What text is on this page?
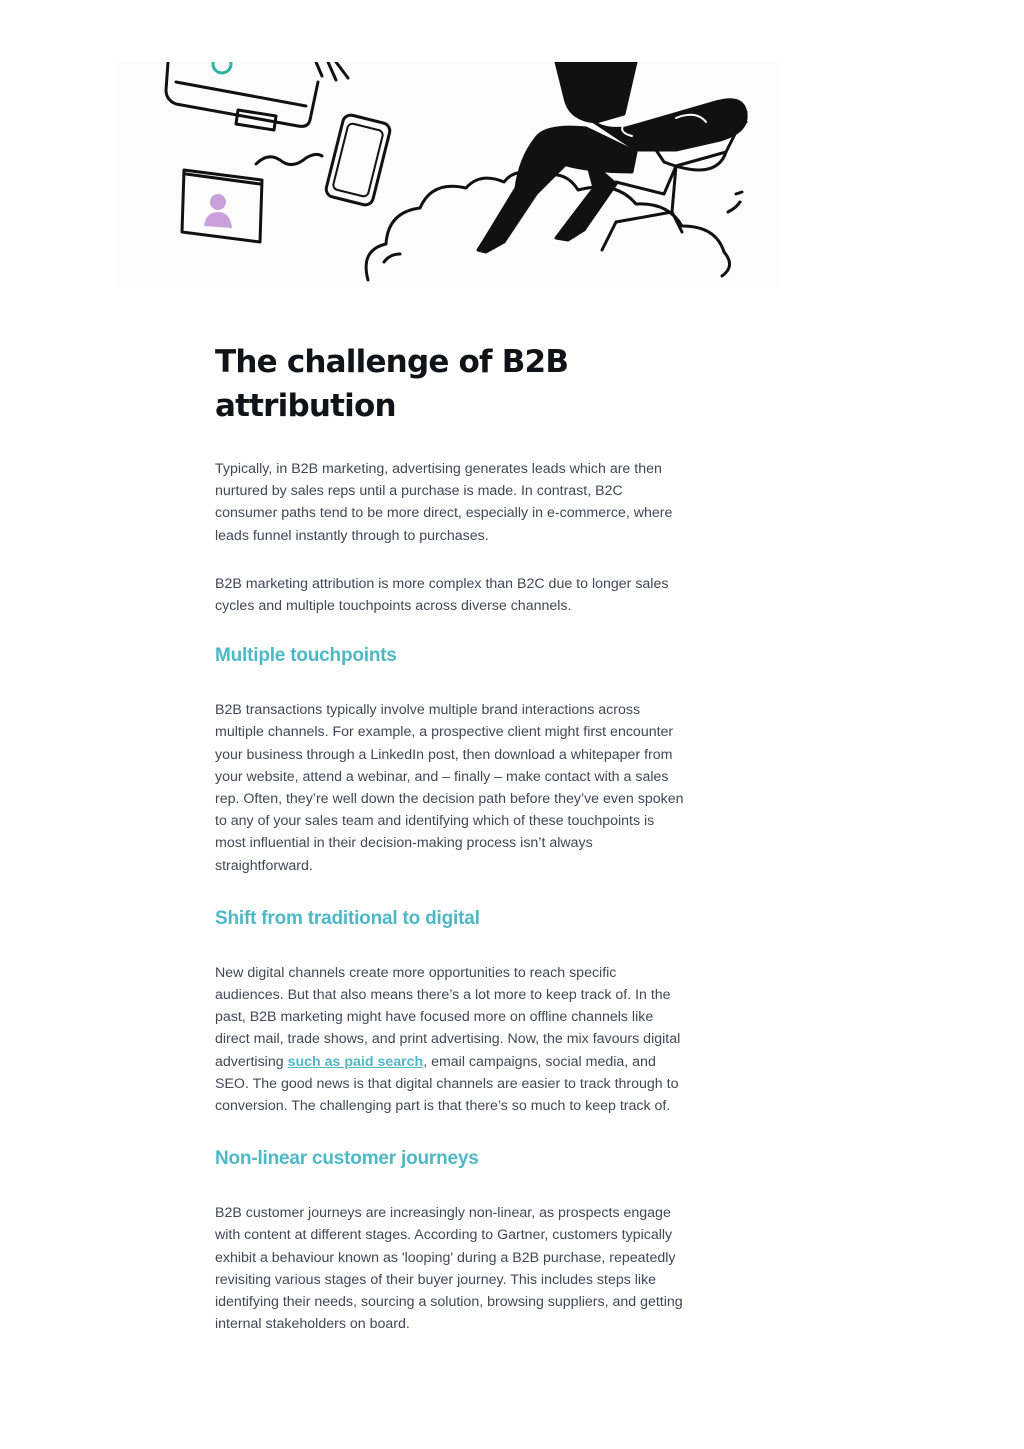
The challenge of B2B attribution

Typically, in B2B marketing, advertising generates leads which are then nurtured by sales reps until a purchase is made. In contrast, B2C consumer paths tend to be more direct, especially in e-commerce, where leads funnel instantly through to purchases.

B2B marketing attribution is more complex than B2C due to longer sales cycles and multiple touchpoints across diverse channels.

Multiple touchpoints

B2B transactions typically involve multiple brand interactions across multiple channels. For example, a prospective client might first encounter your business through a LinkedIn post, then download a whitepaper from your website, attend a webinar, and – finally – make contact with a sales rep. Often, they’re well down the decision path before they’ve even spoken to any of your sales team and identifying which of these touchpoints is most influential in their decision-making process isn’t always straightforward.

Shift from traditional to digital

New digital channels create more opportunities to reach specific audiences. But that also means there’s a lot more to keep track of. In the past, B2B marketing might have focused more on offline channels like direct mail, trade shows, and print advertising. Now, the mix favours digital advertising such as paid search, email campaigns, social media, and SEO. The good news is that digital channels are easier to track through to conversion. The challenging part is that there’s so much to keep track of.

Non-linear customer journeys

B2B customer journeys are increasingly non-linear, as prospects engage with content at different stages. According to Gartner, customers typically exhibit a behaviour known as 'looping' during a B2B purchase, repeatedly revisiting various stages of their buyer journey. This includes steps like identifying their needs, sourcing a solution, browsing suppliers, and getting internal stakeholders on board.
